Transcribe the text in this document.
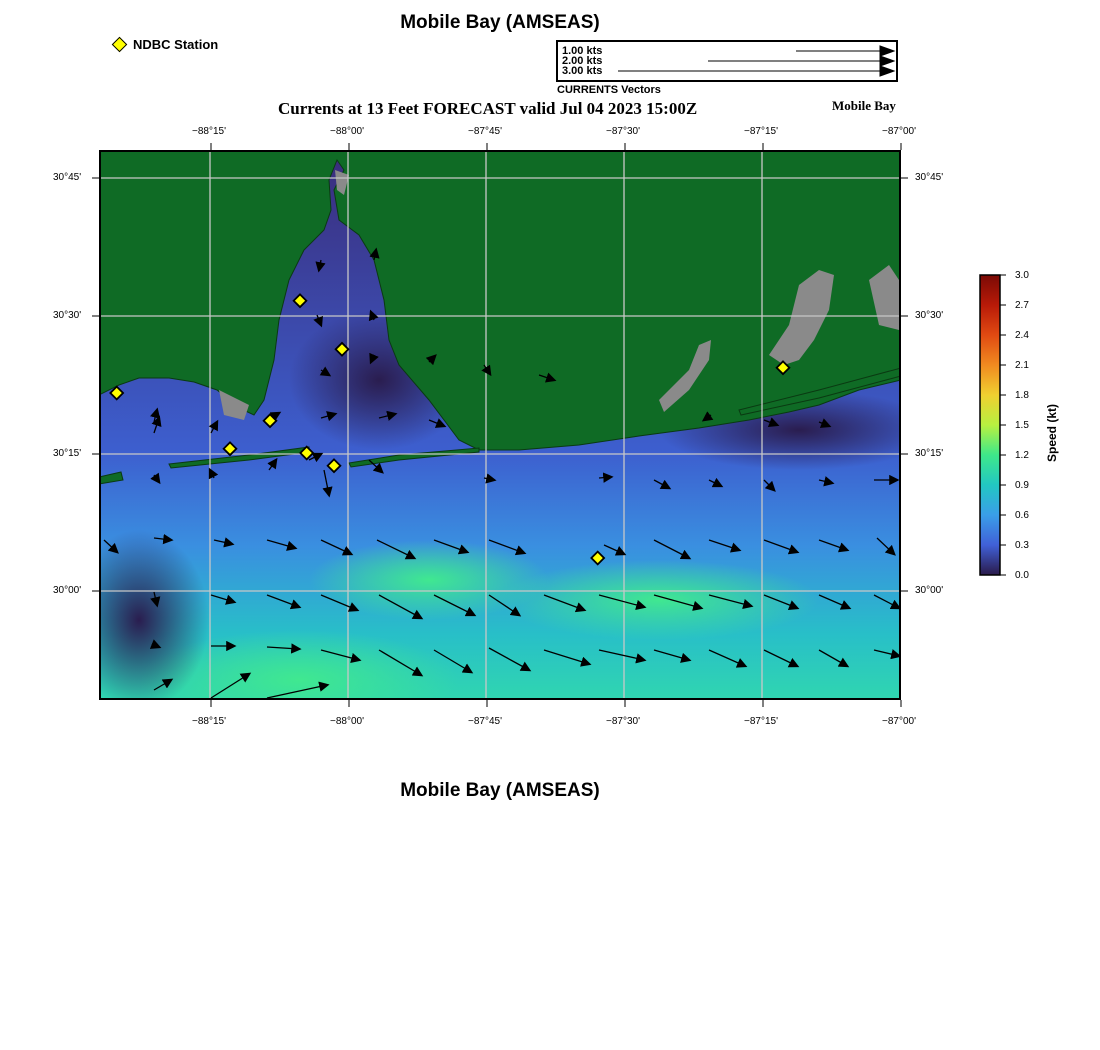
Mobile Bay (AMSEAS)
NDBC Station	1.00 kts
2.00 kts
3.00 kts
CURRENTS Vectors
Currents at 13 Feet FORECAST valid Jul 04 2023 15:00Z	Mobile Bay
−88°15'	−88°00'	−87°45'	−87°30'	−87°15'	−87°00'
−88°15'	−88°00'	−87°45'	−87°30'	−87°15'	−87°00'
30°45'
30°30'
30°15'
30°00'
30°45'
30°30'
30°15'
30°00'
3.0
2.7
2.4
2.1
1.8
1.5
1.2
0.9
0.6
0.3
0.0
Speed (kt)
Mobile Bay (AMSEAS)
